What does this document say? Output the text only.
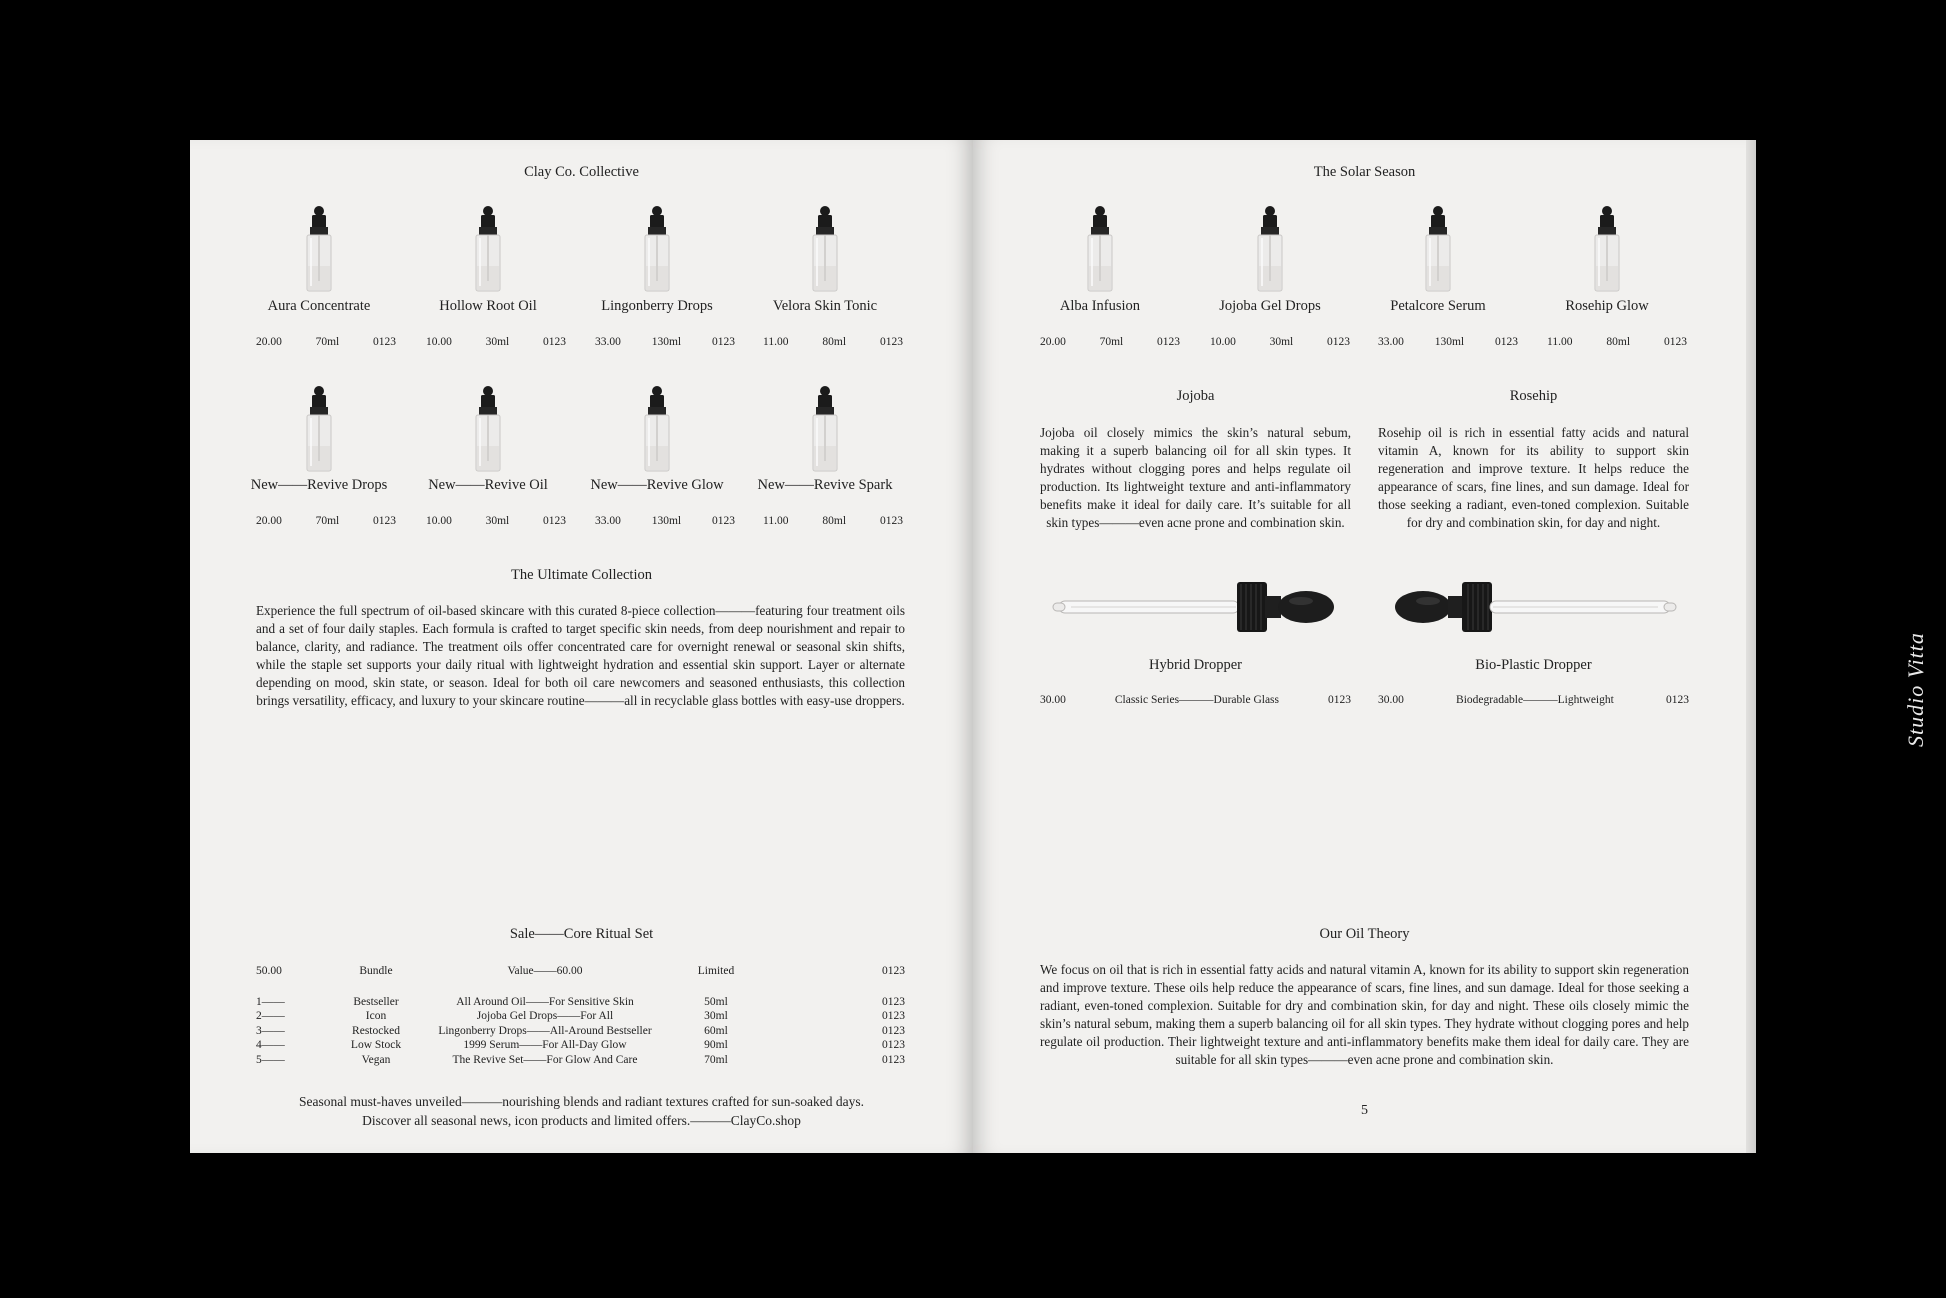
Clay Co. Collective
Aura Concentrate
20.00	70ml	0123
Hollow Root Oil
10.00	30ml	0123
Lingonberry Drops
33.00	130ml	0123
Velora Skin Tonic
11.00	80ml	0123
New——Revive Drops
20.00	70ml	0123
New——Revive Oil
10.00	30ml	0123
New——Revive Glow
33.00	130ml	0123
New——Revive Spark
11.00	80ml	0123
The Ultimate Collection
Experience the full spectrum of oil-based skincare with this curated 8-piece collection———featuring four treatment oils and a set of four daily staples. Each formula is crafted to target specific skin needs, from deep nourishment and repair to balance, clarity, and radiance. The treatment oils offer concentrated care for overnight renewal or seasonal skin shifts, while the staple set supports your daily ritual with lightweight hydration and essential skin support. Layer or alternate depending on mood, skin state, or season. Ideal for both oil care newcomers and seasoned enthusiasts, this collection brings versatility, efficacy, and luxury to your skincare routine———all in recyclable glass bottles with easy-use droppers.
Sale——Core Ritual Set
50.00	Bundle	Value——60.00	Limited	0123
1——	Bestseller	All Around Oil——For Sensitive Skin	50ml	0123
2——	Icon	Jojoba Gel Drops——For All	30ml	0123
3——	Restocked	Lingonberry Drops——All-Around Bestseller	60ml	0123
4——	Low Stock	1999 Serum——For All-Day Glow	90ml	0123
5——	Vegan	The Revive Set——For Glow And Care	70ml	0123
Seasonal must-haves unveiled———nourishing blends and radiant textures crafted for sun-soaked days.
Discover all seasonal news, icon products and limited offers.———ClayCo.shop
The Solar Season
Alba Infusion
20.00	70ml	0123
Jojoba Gel Drops
10.00	30ml	0123
Petalcore Serum
33.00	130ml	0123
Rosehip Glow
11.00	80ml	0123
Jojoba
Jojoba oil closely mimics the skin’s natural sebum, making it a superb balancing oil for all skin types. It hydrates without clogging pores and helps regulate oil production. Its lightweight texture and anti-inflammatory benefits make it ideal for daily care. It’s suitable for all skin types———even acne prone and combination skin.
Rosehip
Rosehip oil is rich in essential fatty acids and natural vitamin A, known for its ability to support skin regeneration and improve texture. It helps reduce the appearance of scars, fine lines, and sun damage. Ideal for those seeking a radiant, even-toned complexion. Suitable for dry and combination skin, for day and night.
Hybrid Dropper
30.00	Classic Series———Durable Glass	0123
Bio-Plastic Dropper
30.00	Biodegradable———Lightweight	0123
Our Oil Theory
We focus on oil that is rich in essential fatty acids and natural vitamin A, known for its ability to support skin regeneration and improve texture. These oils help reduce the appearance of scars, fine lines, and sun damage. Ideal for those seeking a radiant, even-toned complexion. Suitable for dry and combination skin, for day and night. These oils closely mimic the skin’s natural sebum, making them a superb balancing oil for all skin types. They hydrate without clogging pores and help regulate oil production. Their lightweight texture and anti-inflammatory benefits make them ideal for daily care. They are suitable for all skin types———even acne prone and combination skin.
5
Studio Vitta
